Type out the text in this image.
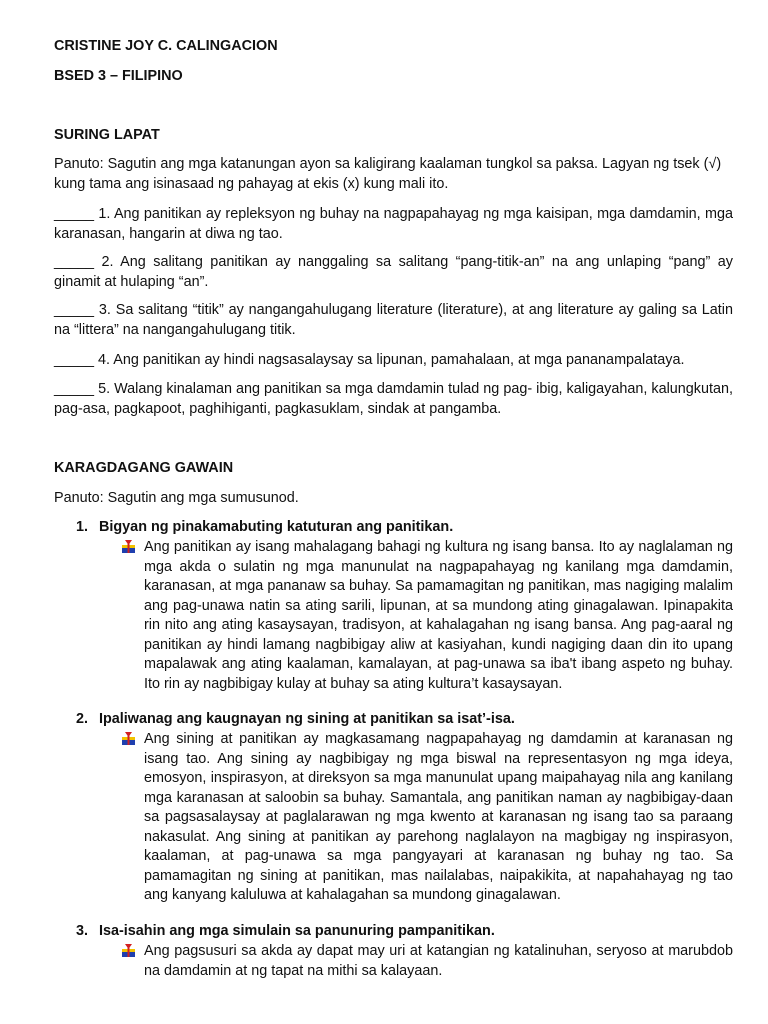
CRISTINE JOY C. CALINGACION

BSED 3 – FILIPINO

SURING LAPAT

Panuto: Sagutin ang mga katanungan ayon sa kaligirang kaalaman tungkol sa paksa. Lagyan ng tsek (√) kung tama ang isinasaad ng pahayag at ekis (x) kung mali ito.

_____ 1. Ang panitikan ay repleksyon ng buhay na nagpapahayag ng mga kaisipan, mga damdamin, mga karanasan, hangarin at diwa ng tao.

_____ 2. Ang salitang panitikan ay nanggaling sa salitang “pang-titik-an” na ang unlaping “pang” ay ginamit at hulaping “an”.

_____ 3. Sa salitang “titik” ay nangangahulugang literature (literature), at ang literature ay galing sa Latin na “littera” na nangangahulugang titik.

_____ 4. Ang panitikan ay hindi nagsasalaysay sa lipunan, pamahalaan, at mga pananampalataya.

_____ 5. Walang kinalaman ang panitikan sa mga damdamin tulad ng pag- ibig, kaligayahan, kalungkutan, pag-asa, pagkapoot, paghihiganti, pagkasuklam, sindak at pangamba.

KARAGDAGANG GAWAIN

Panuto: Sagutin ang mga sumusunod.

1. Bigyan ng pinakamabuting katuturan ang panitikan.

Ang panitikan ay isang mahalagang bahagi ng kultura ng isang bansa. Ito ay naglalaman ng mga akda o sulatin ng mga manunulat na nagpapahayag ng kanilang mga damdamin, karanasan, at mga pananaw sa buhay. Sa pamamagitan ng panitikan, mas nagiging malalim ang pag-unawa natin sa ating sarili, lipunan, at sa mundong ating ginagalawan. Ipinapakita rin nito ang ating kasaysayan, tradisyon, at kahalagahan ng isang bansa. Ang pag-aaral ng panitikan ay hindi lamang nagbibigay aliw at kasiyahan, kundi nagiging daan din ito upang mapalawak ang ating kaalaman, kamalayan, at pag-unawa sa iba't ibang aspeto ng buhay. Ito rin ay nagbibigay kulay at buhay sa ating kultura’t kasaysayan.

2. Ipaliwanag ang kaugnayan ng sining at panitikan sa isat’-isa.

Ang sining at panitikan ay magkasamang nagpapahayag ng damdamin at karanasan ng isang tao. Ang sining ay nagbibigay ng mga biswal na representasyon ng mga ideya, emosyon, inspirasyon, at direksyon sa mga manunulat upang maipahayag nila ang kanilang mga karanasan at saloobin sa buhay. Samantala, ang panitikan naman ay nagbibigay-daan sa pagsasalaysay at paglalarawan ng mga kwento at karanasan ng isang tao sa paraang nakasulat. Ang sining at panitikan ay parehong naglalayon na magbigay ng inspirasyon, kaalaman, at pag-unawa sa mga pangyayari at karanasan ng buhay ng tao. Sa pamamagitan ng sining at panitikan, mas nailalabas, naipakikita, at napahahayag ng tao ang kanyang kaluluwa at kahalagahan sa mundong ginagalawan.

3. Isa-isahin ang mga simulain sa panunuring pampanitikan.

Ang pagsusuri sa akda ay dapat may uri at katangian ng katalinuhan, seryoso at marubdob na damdamin at ng tapat na mithi sa kalayaan.
